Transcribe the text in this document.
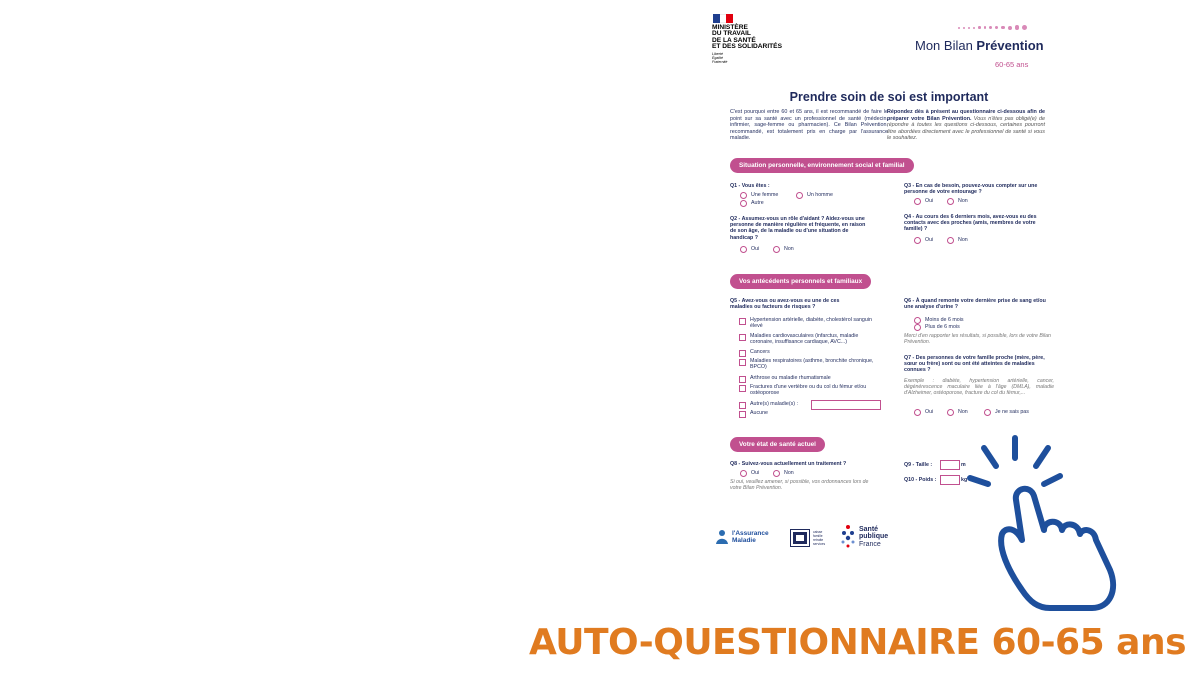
MINISTÈRE
DU TRAVAIL
DE LA SANTÉ
ET DES SOLIDARITÉS
Liberté
Égalité
Fraternité
Mon Bilan Prévention
60-65 ans
Prendre soin de soi est important
C'est pourquoi entre 60 et 65 ans, il est recommandé de faire le point sur sa santé avec un professionnel de santé (médecin, infirmier, sage-femme ou pharmacien). Ce Bilan Prévention, recommandé, est totalement pris en charge par l'assurance maladie.
Répondez dès à présent au questionnaire ci-dessous afin de préparer votre Bilan Prévention. Vous n'êtes pas obligé(e) de répondre à toutes les questions ci-dessous, certaines pourront être abordées directement avec le professionnel de santé si vous le souhaitez.
Situation personnelle, environnement social et familial
Q1 - Vous êtes :
Une femme	Un homme
Autre
Q2 - Assumez-vous un rôle d'aidant ? Aidez-vous une personne de manière régulière et fréquente, en raison de son âge, de la maladie ou d'une situation de handicap ?
Oui	Non
Q3 - En cas de besoin, pouvez-vous compter sur une personne de votre entourage ?
Oui	Non
Q4 - Au cours des 6 derniers mois, avez-vous eu des contacts avec des proches (amis, membres de votre famille) ?
Oui	Non
Vos antécédents personnels et familiaux
Q5 - Avez-vous ou avez-vous eu une de ces maladies ou facteurs de risques ?
Hypertension artérielle, diabète, cholestérol sanguin élevé
Maladies cardiovasculaires (infarctus, maladie coronaire, insuffisance cardiaque, AVC...)
Cancers
Maladies respiratoires (asthme, bronchite chronique, BPCO)
Arthrose ou maladie rhumatismale
Fractures d'une vertèbre ou du col du fémur et/ou ostéoporose
Autre(s) maladie(s) :
Aucune
Q6 - À quand remonte votre dernière prise de sang et/ou une analyse d'urine ?
Moins de 6 mois
Plus de 6 mois
Merci d'en rapporter les résultats, si possible, lors de votre Bilan Prévention.
Q7 - Des personnes de votre famille proche (mère, père, sœur ou frère) sont ou ont été atteintes de maladies connues ?
Exemple : diabète, hypertension artérielle, cancer, dégénérescence maculaire liée à l'âge (DMLA), maladie d'Alzheimer, ostéoporose, fracture du col du fémur,...
Oui	Non	Je ne sais pas
Votre état de santé actuel
Q8 - Suivez-vous actuellement un traitement ?
Oui	Non
Si oui, veuillez amener, si possible, vos ordonnances lors de votre Bilan Prévention.
Q9 - Taille :	m
Q10 - Poids :	kg
l'Assurance
Maladie
caisse
famille
retraite
services
Santé
publique
France
AUTO-QUESTIONNAIRE 60-65 ans
